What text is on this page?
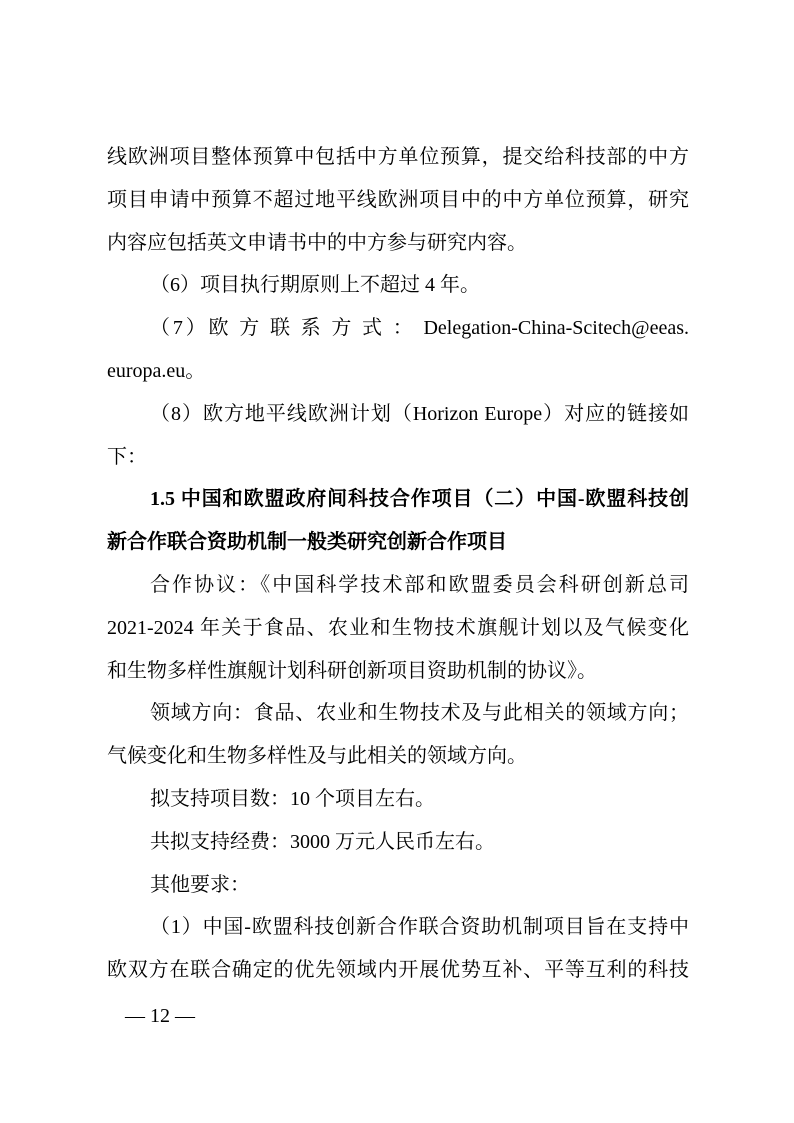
线欧洲项目整体预算中包括中方单位预算，提交给科技部的中方
项目申请中预算不超过地平线欧洲项目中的中方单位预算，研究
内容应包括英文申请书中的中方参与研究内容。
（6）项目执行期原则上不超过 4 年。
（7）欧 方 联 系 方 式 ： Delegation-China-Scitech@eeas.
europa.eu。
（8）欧方地平线欧洲计划（Horizon Europe）对应的链接如
下：
1.5 中国和欧盟政府间科技合作项目（二）中国-欧盟科技创
新合作联合资助机制一般类研究创新合作项目
合作协议：《中国科学技术部和欧盟委员会科研创新总司
2021-2024 年关于食品、农业和生物技术旗舰计划以及气候变化
和生物多样性旗舰计划科研创新项目资助机制的协议》。
领域方向：食品、农业和生物技术及与此相关的领域方向；
气候变化和生物多样性及与此相关的领域方向。
拟支持项目数：10 个项目左右。
共拟支持经费：3000 万元人民币左右。
其他要求：
（1）中国-欧盟科技创新合作联合资助机制项目旨在支持中
欧双方在联合确定的优先领域内开展优势互补、平等互利的科技
— 12 —
